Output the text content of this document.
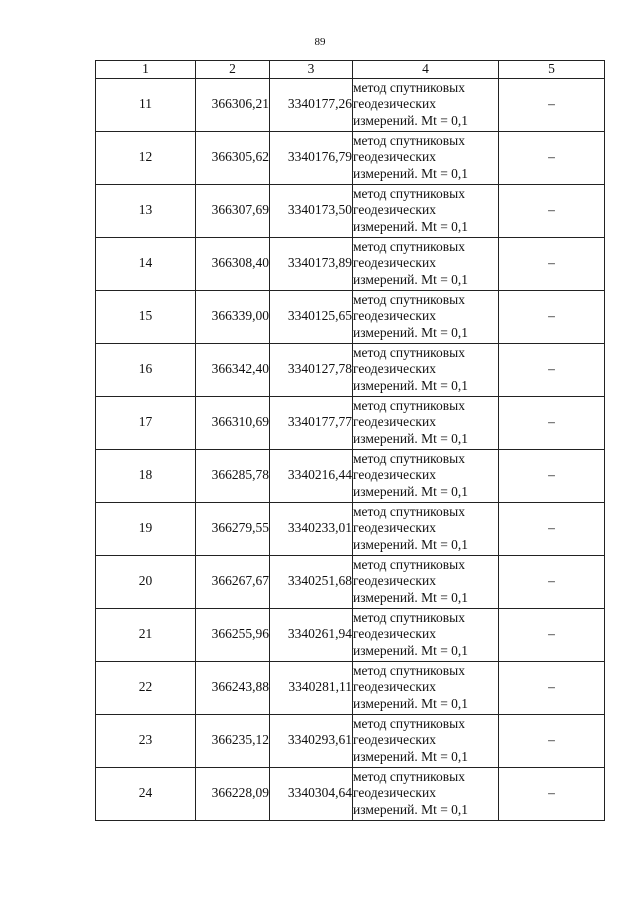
89
1	2	3	4	5
11	366306,21	3340177,26	метод спутниковых
геодезических
измерений. Mt = 0,1	–
12	366305,62	3340176,79	метод спутниковых
геодезических
измерений. Mt = 0,1	–
13	366307,69	3340173,50	метод спутниковых
геодезических
измерений. Mt = 0,1	–
14	366308,40	3340173,89	метод спутниковых
геодезических
измерений. Mt = 0,1	–
15	366339,00	3340125,65	метод спутниковых
геодезических
измерений. Mt = 0,1	–
16	366342,40	3340127,78	метод спутниковых
геодезических
измерений. Mt = 0,1	–
17	366310,69	3340177,77	метод спутниковых
геодезических
измерений. Mt = 0,1	–
18	366285,78	3340216,44	метод спутниковых
геодезических
измерений. Mt = 0,1	–
19	366279,55	3340233,01	метод спутниковых
геодезических
измерений. Mt = 0,1	–
20	366267,67	3340251,68	метод спутниковых
геодезических
измерений. Mt = 0,1	–
21	366255,96	3340261,94	метод спутниковых
геодезических
измерений. Mt = 0,1	–
22	366243,88	3340281,11	метод спутниковых
геодезических
измерений. Mt = 0,1	–
23	366235,12	3340293,61	метод спутниковых
геодезических
измерений. Mt = 0,1	–
24	366228,09	3340304,64	метод спутниковых
геодезических
измерений. Mt = 0,1	–
